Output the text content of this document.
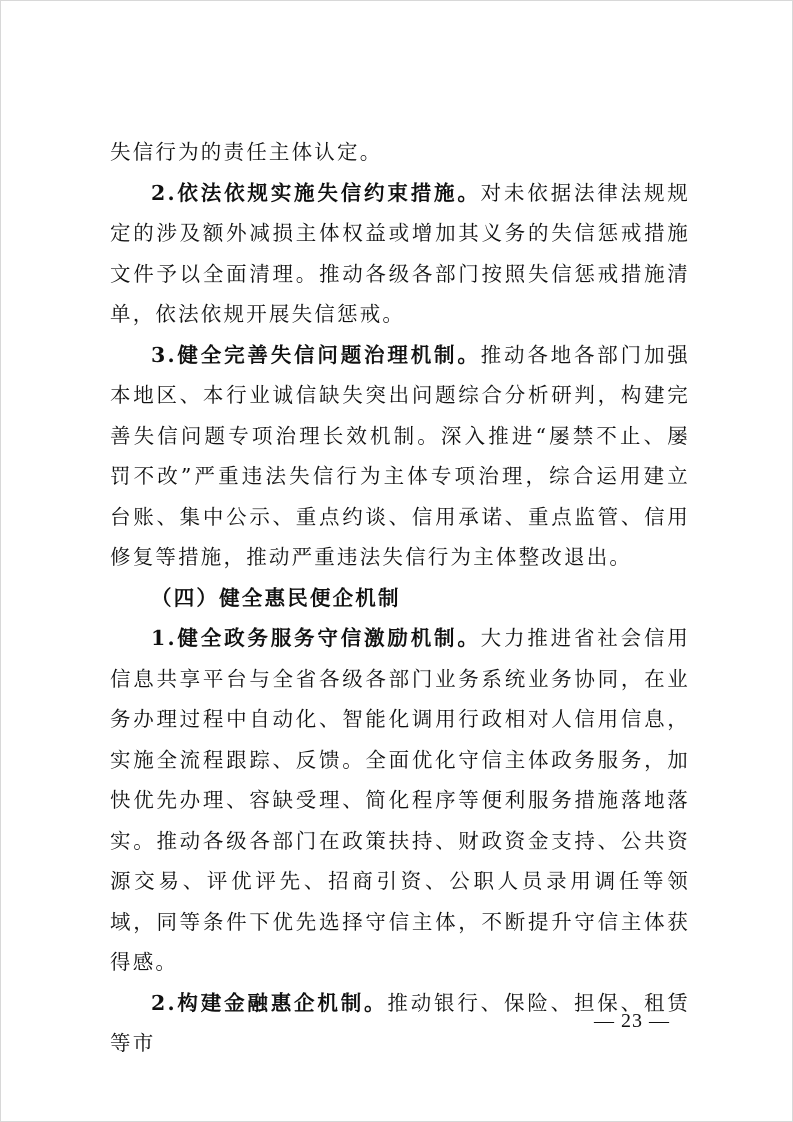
失信行为的责任主体认定。

2.依法依规实施失信约束措施。对未依据法律法规规定的涉及额外减损主体权益或增加其义务的失信惩戒措施文件予以全面清理。推动各级各部门按照失信惩戒措施清单，依法依规开展失信惩戒。

3.健全完善失信问题治理机制。推动各地各部门加强本地区、本行业诚信缺失突出问题综合分析研判，构建完善失信问题专项治理长效机制。深入推进“屡禁不止、屡罚不改”严重违法失信行为主体专项治理，综合运用建立台账、集中公示、重点约谈、信用承诺、重点监管、信用修复等措施，推动严重违法失信行为主体整改退出。

（四）健全惠民便企机制

1.健全政务服务守信激励机制。大力推进省社会信用信息共享平台与全省各级各部门业务系统业务协同，在业务办理过程中自动化、智能化调用行政相对人信用信息，实施全流程跟踪、反馈。全面优化守信主体政务服务，加快优先办理、容缺受理、简化程序等便利服务措施落地落实。推动各级各部门在政策扶持、财政资金支持、公共资源交易、评优评先、招商引资、公职人员录用调任等领域，同等条件下优先选择守信主体，不断提升守信主体获得感。

2.构建金融惠企机制。推动银行、保险、担保、租赁等市

— 23 —
